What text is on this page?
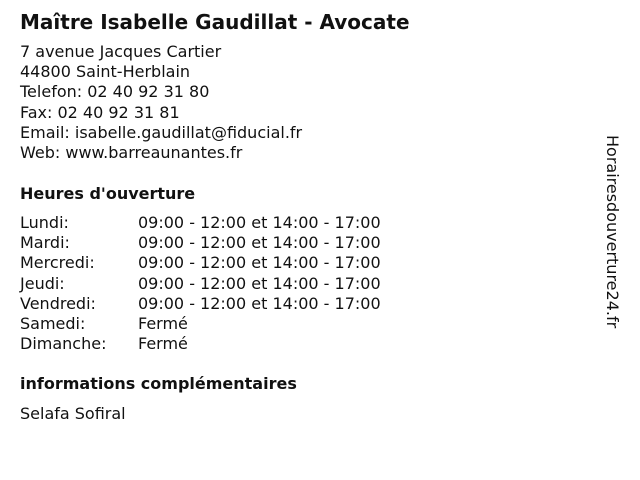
Maître Isabelle Gaudillat - Avocate
7 avenue Jacques Cartier
44800 Saint-Herblain
Telefon: 02 40 92 31 80
Fax: 02 40 92 31 81
Email: isabelle.gaudillat@fiducial.fr
Web: www.barreaunantes.fr
Heures d'ouverture
Lundi:	09:00 - 12:00 et 14:00 - 17:00
Mardi:	09:00 - 12:00 et 14:00 - 17:00
Mercredi:	09:00 - 12:00 et 14:00 - 17:00
Jeudi:	09:00 - 12:00 et 14:00 - 17:00
Vendredi:	09:00 - 12:00 et 14:00 - 17:00
Samedi:	Fermé
Dimanche:	Fermé
informations complémentaires
Selafa Sofiral
Horairesdouverture24.fr
